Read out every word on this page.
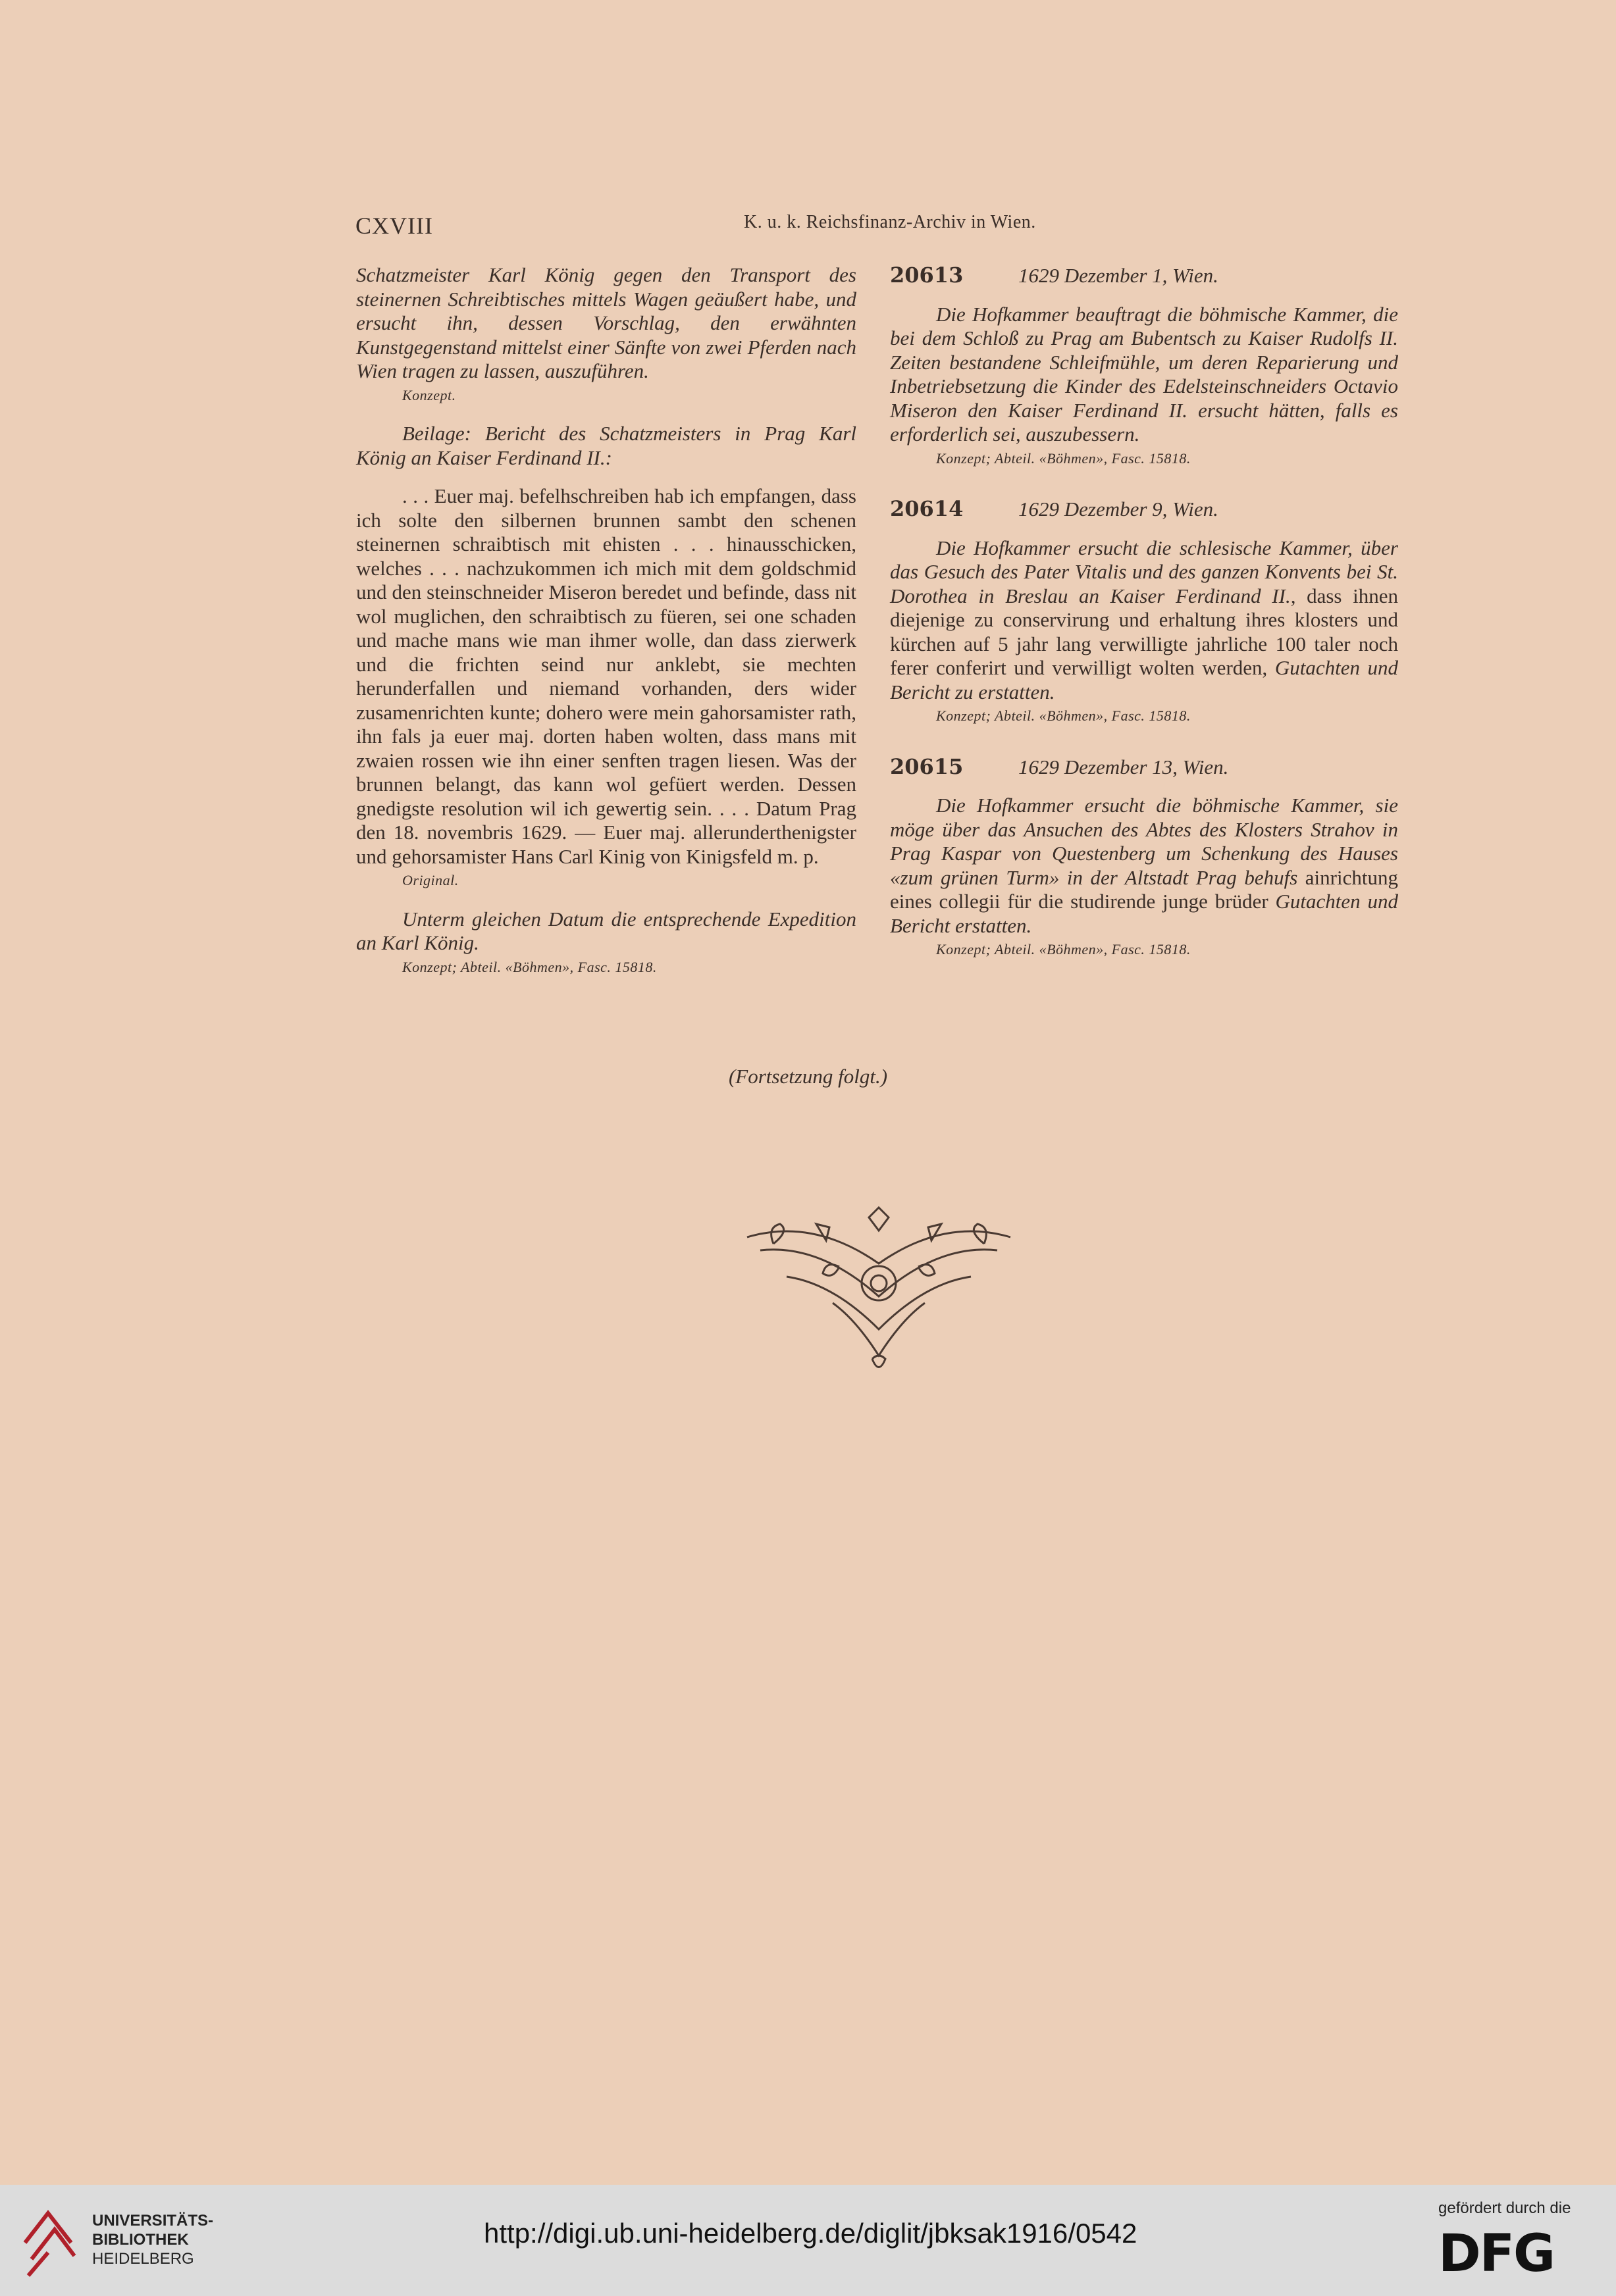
CXVIII	K. u. k. Reichsfinanz-Archiv in Wien.

Schatzmeister Karl König gegen den Transport des steinernen Schreibtisches mittels Wagen geäußert habe, und ersucht ihn, dessen Vorschlag, den erwähnten Kunstgegenstand mittelst einer Sänfte von zwei Pferden nach Wien tragen zu lassen, auszuführen.

Konzept.

Beilage: Bericht des Schatzmeisters in Prag Karl König an Kaiser Ferdinand II.:

. . . Euer maj. befelhschreiben hab ich empfangen, dass ich solte den silbernen brunnen sambt den schenen steinernen schraibtisch mit ehisten . . . hinausschicken, welches . . . nachzukommen ich mich mit dem goldschmid und den steinschneider Miseron beredet und befinde, dass nit wol muglichen, den schraibtisch zu füeren, sei one schaden und mache mans wie man ihmer wolle, dan dass zierwerk und die frichten seind nur anklebt, sie mechten herunderfallen und niemand vorhanden, ders wider zusamenrichten kunte; dohero were mein gahorsamister rath, ihn fals ja euer maj. dorten haben wolten, dass mans mit zwaien rossen wie ihn einer senften tragen liesen. Was der brunnen belangt, das kann wol gefüert werden. Dessen gnedigste resolution wil ich gewertig sein. . . . Datum Prag den 18. novembris 1629. — Euer maj. allerunderthenigster und gehorsamister Hans Carl Kinig von Kinigsfeld m. p.

Original.

Unterm gleichen Datum die entsprechende Expedition an Karl König.

Konzept; Abteil. «Böhmen», Fasc. 15818.

20613	1629 Dezember 1, Wien.

Die Hofkammer beauftragt die böhmische Kammer, die bei dem Schloß zu Prag am Bubentsch zu Kaiser Rudolfs II. Zeiten bestandene Schleifmühle, um deren Reparierung und Inbetriebsetzung die Kinder des Edelsteinschneiders Octavio Miseron den Kaiser Ferdinand II. ersucht hätten, falls es erforderlich sei, auszubessern.

Konzept; Abteil. «Böhmen», Fasc. 15818.

20614	1629 Dezember 9, Wien.

Die Hofkammer ersucht die schlesische Kammer, über das Gesuch des Pater Vitalis und des ganzen Konvents bei St. Dorothea in Breslau an Kaiser Ferdinand II., dass ihnen diejenige zu conservirung und erhaltung ihres klosters und kürchen auf 5 jahr lang verwilligte jahrliche 100 taler noch ferer conferirt und verwilligt wolten werden, Gutachten und Bericht zu erstatten.

Konzept; Abteil. «Böhmen», Fasc. 15818.

20615	1629 Dezember 13, Wien.

Die Hofkammer ersucht die böhmische Kammer, sie möge über das Ansuchen des Abtes des Klosters Strahov in Prag Kaspar von Questenberg um Schenkung des Hauses «zum grünen Turm» in der Altstadt Prag behufs ainrichtung eines collegii für die studirende junge brüder Gutachten und Bericht erstatten.

Konzept; Abteil. «Böhmen», Fasc. 15818.

(Fortsetzung folgt.)
UNIVERSITÄTS-
BIBLIOTHEK
HEIDELBERG
http://digi.ub.uni-heidelberg.de/diglit/jbksak1916/0542
gefördert durch die
DFG
